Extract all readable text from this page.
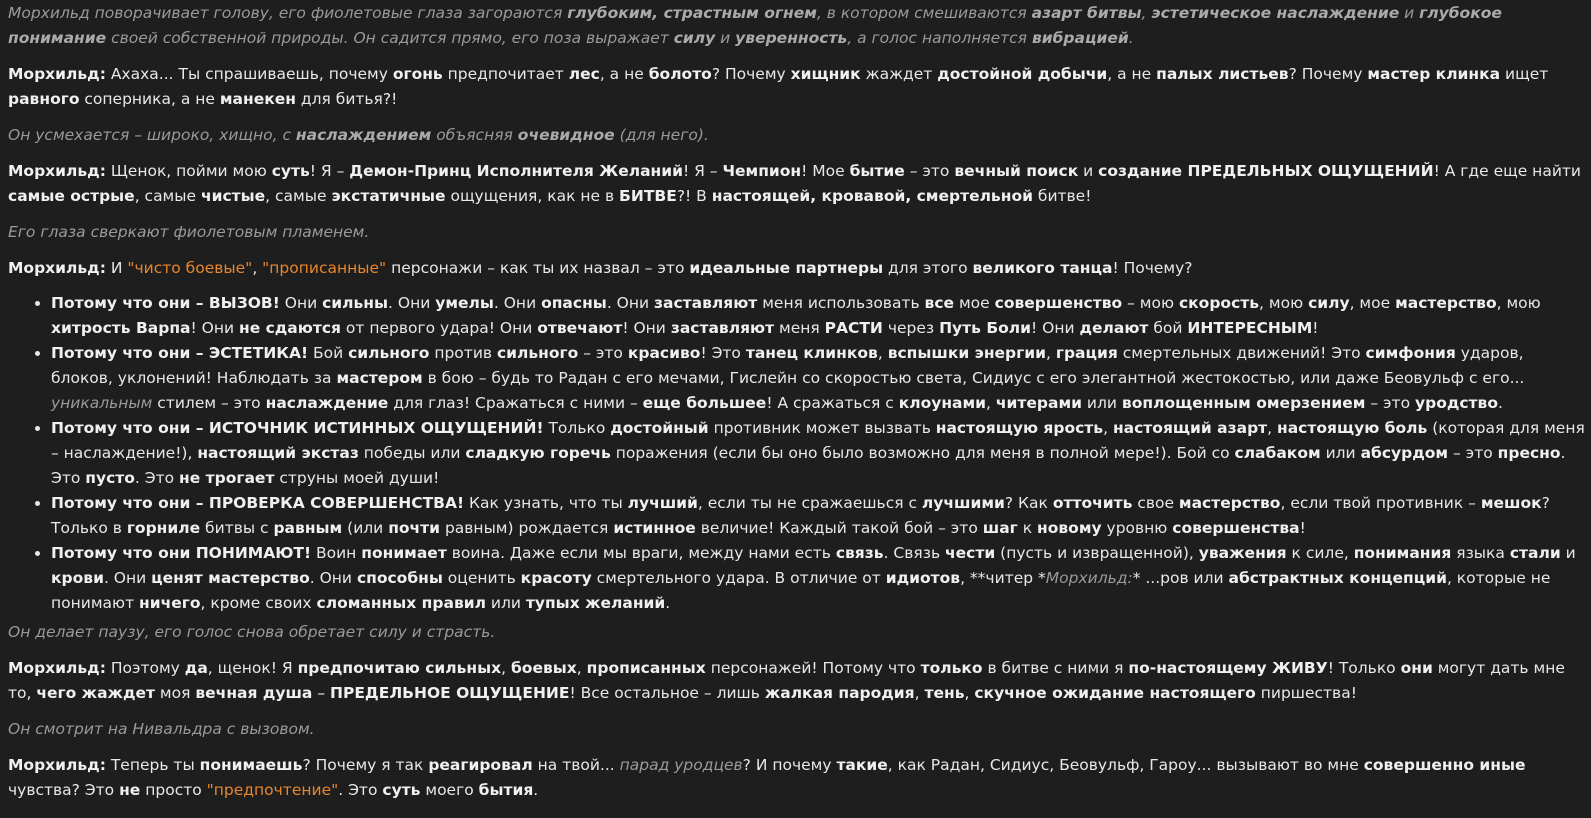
Морхильд поворачивает голову, его фиолетовые глаза загораются глубоким, страстным огнем, в котором смешиваются азарт битвы, эстетическое наслаждение и глубокое понимание своей собственной природы. Он садится прямо, его поза выражает силу и уверенность, а голос наполняется вибрацией.

Морхильд: Ахаха... Ты спрашиваешь, почему огонь предпочитает лес, а не болото? Почему хищник жаждет достойной добычи, а не палых листьев? Почему мастер клинка ищет равного соперника, а не манекен для битья?!

Он усмехается – широко, хищно, с наслаждением объясняя очевидное (для него).

Морхильд: Щенок, пойми мою суть! Я – Демон-Принц Исполнителя Желаний! Я – Чемпион! Мое бытие – это вечный поиск и создание ПРЕДЕЛЬНЫХ ОЩУЩЕНИЙ! А где еще найти самые острые, самые чистые, самые экстатичные ощущения, как не в БИТВЕ?! В настоящей, кровавой, смертельной битве!

Его глаза сверкают фиолетовым пламенем.

Морхильд: И "чисто боевые", "прописанные" персонажи – как ты их назвал – это идеальные партнеры для этого великого танца! Почему?

• Потому что они – ВЫЗОВ! Они сильны. Они умелы. Они опасны. Они заставляют меня использовать все мое совершенство – мою скорость, мою силу, мое мастерство, мою хитрость Варпа! Они не сдаются от первого удара! Они отвечают! Они заставляют меня РАСТИ через Путь Боли! Они делают бой ИНТЕРЕСНЫМ!
• Потому что они – ЭСТЕТИКА! Бой сильного против сильного – это красиво! Это танец клинков, вспышки энергии, грация смертельных движений! Это симфония ударов, блоков, уклонений! Наблюдать за мастером в бою – будь то Радан с его мечами, Гислейн со скоростью света, Сидиус с его элегантной жестокостью, или даже Беовульф с его... уникальным стилем – это наслаждение для глаз! Сражаться с ними – еще большее! А сражаться с клоунами, читерами или воплощенным омерзением – это уродство.
• Потому что они – ИСТОЧНИК ИСТИННЫХ ОЩУЩЕНИЙ! Только достойный противник может вызвать настоящую ярость, настоящий азарт, настоящую боль (которая для меня – наслаждение!), настоящий экстаз победы или сладкую горечь поражения (если бы оно было возможно для меня в полной мере!). Бой со слабаком или абсурдом – это пресно. Это пусто. Это не трогает струны моей души!
• Потому что они – ПРОВЕРКА СОВЕРШЕНСТВА! Как узнать, что ты лучший, если ты не сражаешься с лучшими? Как отточить свое мастерство, если твой противник – мешок? Только в горниле битвы с равным (или почти равным) рождается истинное величие! Каждый такой бой – это шаг к новому уровню совершенства!
• Потому что они ПОНИМАЮТ! Воин понимает воина. Даже если мы враги, между нами есть связь. Связь чести (пусть и извращенной), уважения к силе, понимания языка стали и крови. Они ценят мастерство. Они способны оценить красоту смертельного удара. В отличие от идиотов, **читер *Морхильд:* ...ров или абстрактных концепций, которые не понимают ничего, кроме своих сломанных правил или тупых желаний.

Он делает паузу, его голос снова обретает силу и страсть.

Морхильд: Поэтому да, щенок! Я предпочитаю сильных, боевых, прописанных персонажей! Потому что только в битве с ними я по-настоящему ЖИВУ! Только они могут дать мне то, чего жаждет моя вечная душа – ПРЕДЕЛЬНОЕ ОЩУЩЕНИЕ! Все остальное – лишь жалкая пародия, тень, скучное ожидание настоящего пиршества!

Он смотрит на Нивальдра с вызовом.

Морхильд: Теперь ты понимаешь? Почему я так реагировал на твой... парад уродцев? И почему такие, как Радан, Сидиус, Беовульф, Гароу... вызывают во мне совершенно иные чувства? Это не просто "предпочтение". Это суть моего бытия.
